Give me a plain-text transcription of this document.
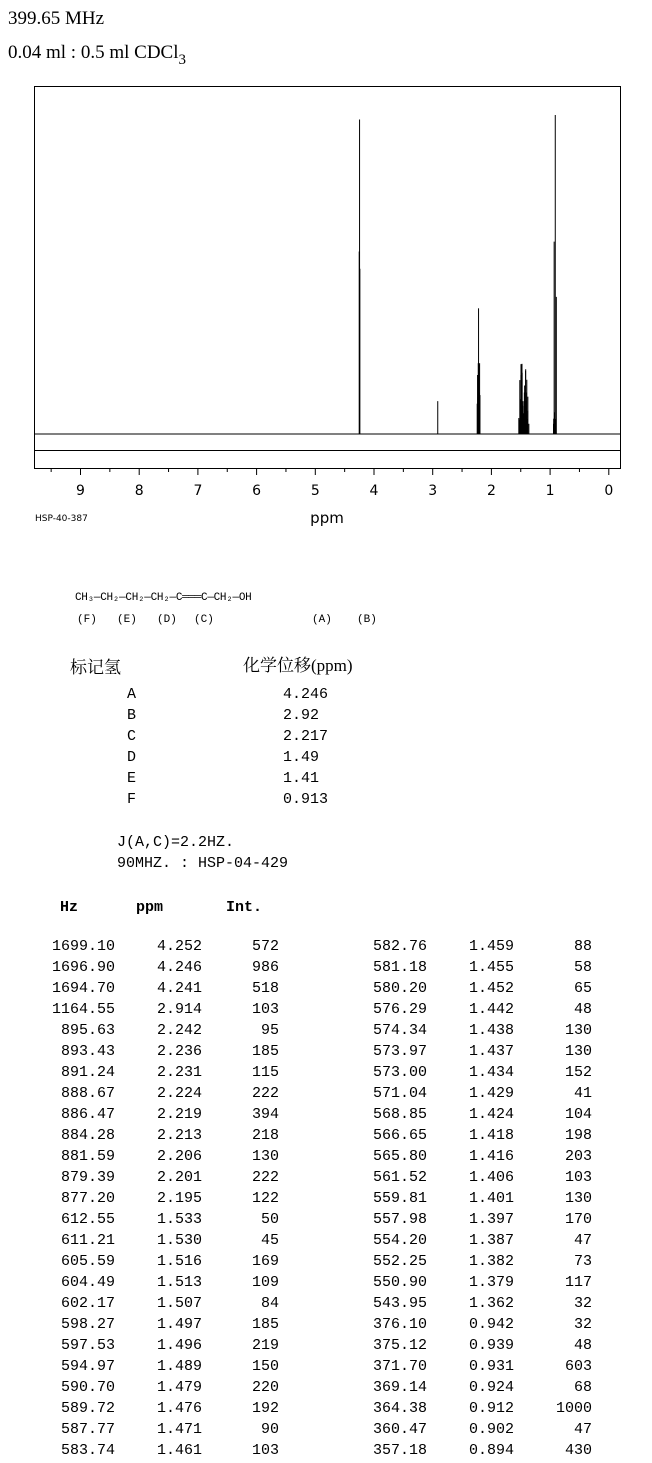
399.65 MHz
0.04 ml : 0.5 ml CDCl$_3$
9	8	7	6	5	4	3	2	1	0
ppm
HSP-40-387
CH₃—CH₂—CH₂—CH₂—C═══C—CH₂—OH
(F) (E) (D) (C)	(A) (B)
标记氢	化学位移(ppm)
A	4.246
B	2.92
C	2.217
D	1.49
E	1.41
F	0.913
J(A,C)=2.2HZ.
90MHZ. : HSP-04-429
Hz	ppm	Int.
1699.10	4.252	572
1696.90	4.246	986
1694.70	4.241	518
1164.55	2.914	103
895.63	2.242	95
893.43	2.236	185
891.24	2.231	115
888.67	2.224	222
886.47	2.219	394
884.28	2.213	218
881.59	2.206	130
879.39	2.201	222
877.20	2.195	122
612.55	1.533	50
611.21	1.530	45
605.59	1.516	169
604.49	1.513	109
602.17	1.507	84
598.27	1.497	185
597.53	1.496	219
594.97	1.489	150
590.70	1.479	220
589.72	1.476	192
587.77	1.471	90
583.74	1.461	103
582.76	1.459	88
581.18	1.455	58
580.20	1.452	65
576.29	1.442	48
574.34	1.438	130
573.97	1.437	130
573.00	1.434	152
571.04	1.429	41
568.85	1.424	104
566.65	1.418	198
565.80	1.416	203
561.52	1.406	103
559.81	1.401	130
557.98	1.397	170
554.20	1.387	47
552.25	1.382	73
550.90	1.379	117
543.95	1.362	32
376.10	0.942	32
375.12	0.939	48
371.70	0.931	603
369.14	0.924	68
364.38	0.912	1000
360.47	0.902	47
357.18	0.894	430
